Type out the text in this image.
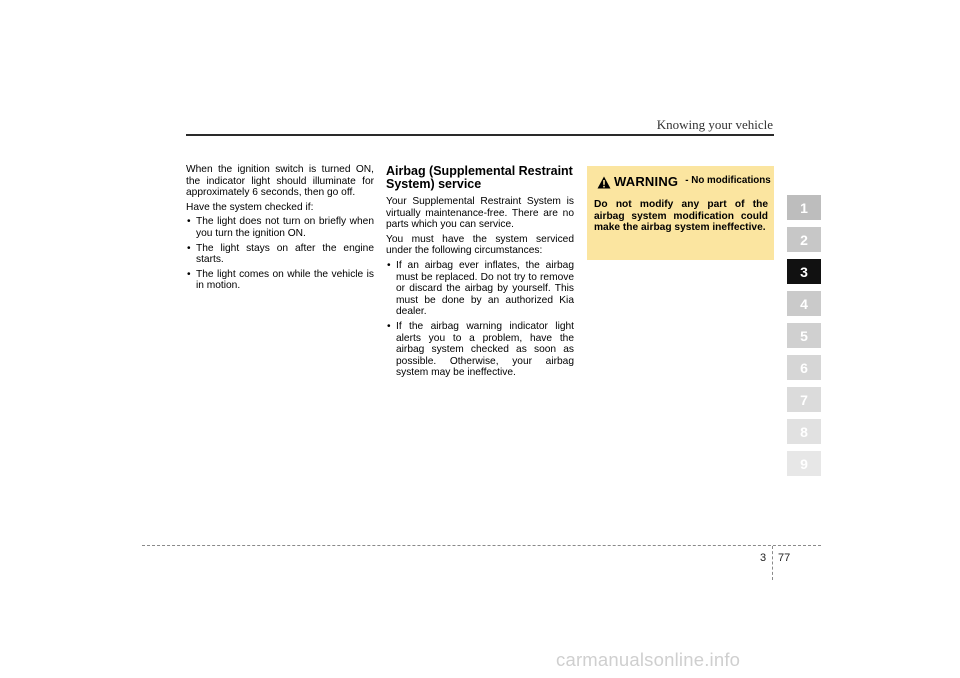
Knowing your vehicle

When the ignition switch is turned ON, the indicator light should illuminate for approximately 6 seconds, then go off.

Have the system checked if:

• The light does not turn on briefly when you turn the ignition ON.
• The light stays on after the engine starts.
• The light comes on while the vehicle is in motion.
Airbag (Supplemental Restraint System) service

Your Supplemental Restraint System is virtually maintenance-free. There are no parts which you can service.

You must have the system serviced under the following circumstances:

• If an airbag ever inflates, the airbag must be replaced. Do not try to remove or discard the airbag by yourself. This must be done by an authorized Kia dealer.
• If the airbag warning indicator light alerts you to a problem, have the airbag system checked as soon as possible. Otherwise, your airbag system may be ineffective.
WARNING - No modifications
Do not modify any part of the airbag system modification could make the airbag system ineffective.
1
2
3
4
5
6
7
8
9
3 77
carmanualsonline.info
